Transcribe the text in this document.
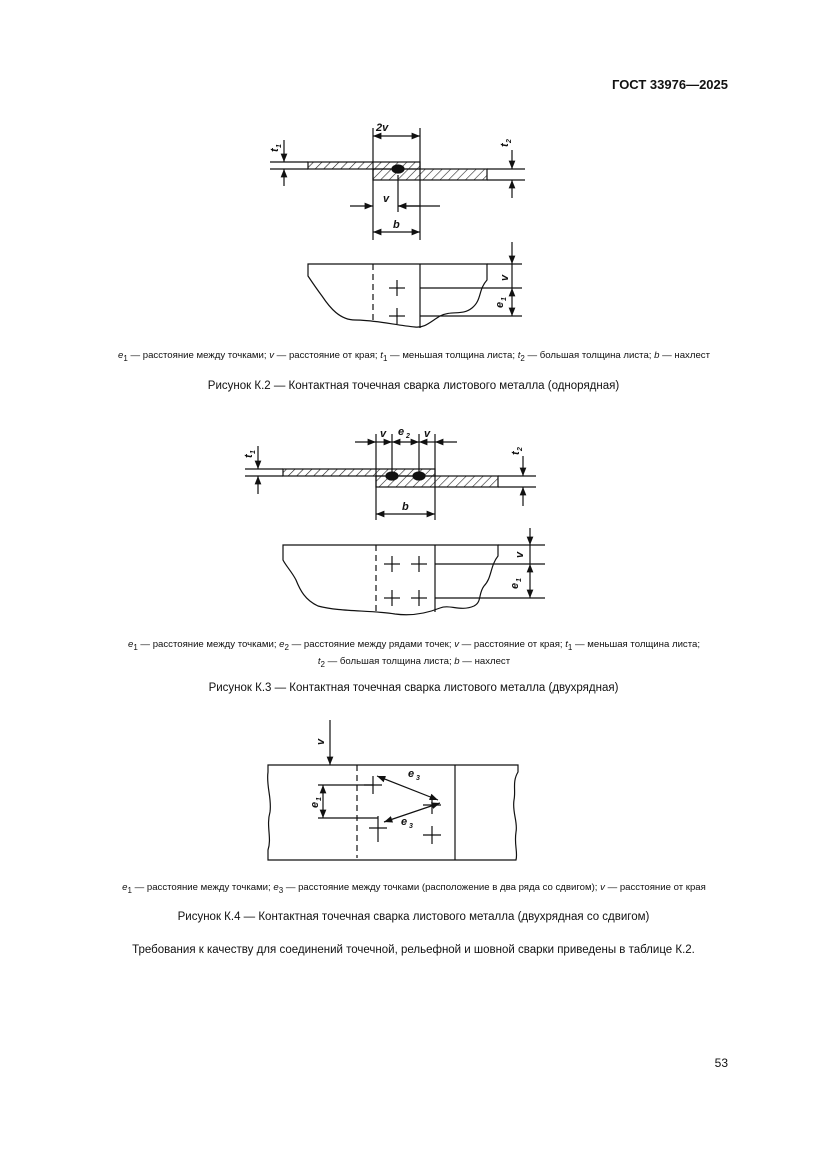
ГОСТ 33976—2025
2v
v
b
t
1	t
2
v
e
1
v e 2 v
b
t
1	t
2
v
e
1
v
e
1
e 3
e 3
$e_1$ — расстояние между точками; v — расстояние от края; $t_1$ — меньшая толщина листа; $t_2$ — большая толщина листа; b — нахлест
Рисунок К.2 — Контактная точечная сварка листового металла (однорядная)
$e_1$ — расстояние между точками; $e_2$ — расстояние между рядами точек; v — расстояние от края; $t_1$ — меньшая толщина листа;
$t_2$ — большая толщина листа; b — нахлест
Рисунок К.3 — Контактная точечная сварка листового металла (двухрядная)
$e_1$ — расстояние между точками; $e_3$ — расстояние между точками (расположение в два ряда со сдвигом); v — расстояние от края
Рисунок К.4 — Контактная точечная сварка листового металла (двухрядная со сдвигом)
Требования к качеству для соединений точечной, рельефной и шовной сварки приведены в таблице К.2.
53
